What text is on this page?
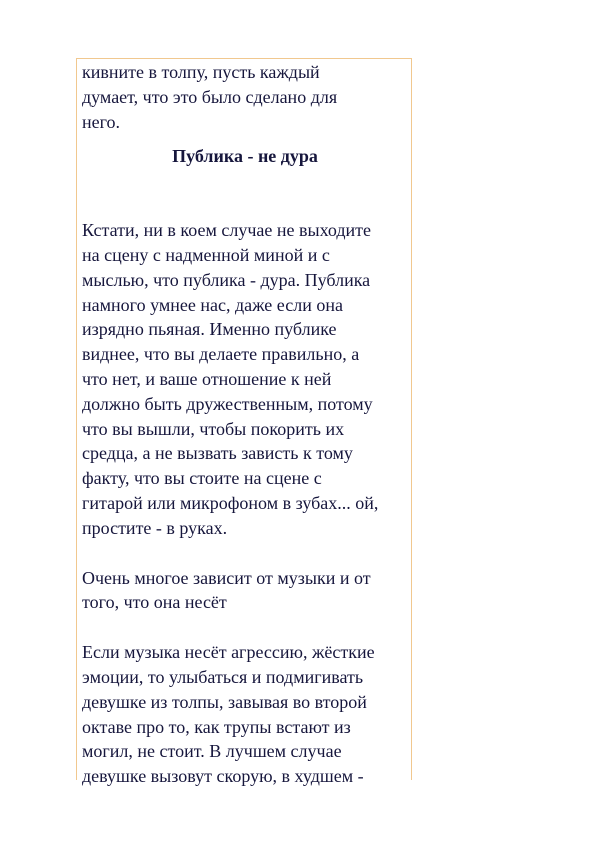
кивните в толпу, пусть каждый
думает, что это было сделано для
него.

Публика - не дура

Кстати, ни в коем случае не выходите
на сцену с надменной миной и с
мыслью, что публика - дура. Публика
намного умнее нас, даже если она
изрядно пьяная. Именно публике
виднее, что вы делаете правильно, а
что нет, и ваше отношение к ней
должно быть дружественным, потому
что вы вышли, чтобы покорить их
средца, а не вызвать зависть к тому
факту, что вы стоите на сцене с
гитарой или микрофоном в зубах... ой,
простите - в руках.

Очень многое зависит от музыки и от
того, что она несёт

Если музыка несёт агрессию, жёсткие
эмоции, то улыбаться и подмигивать
девушке из толпы, завывая во второй
октаве про то, как трупы встают из
могил, не стоит. В лучшем случае
девушке вызовут скорую, в худшем -
